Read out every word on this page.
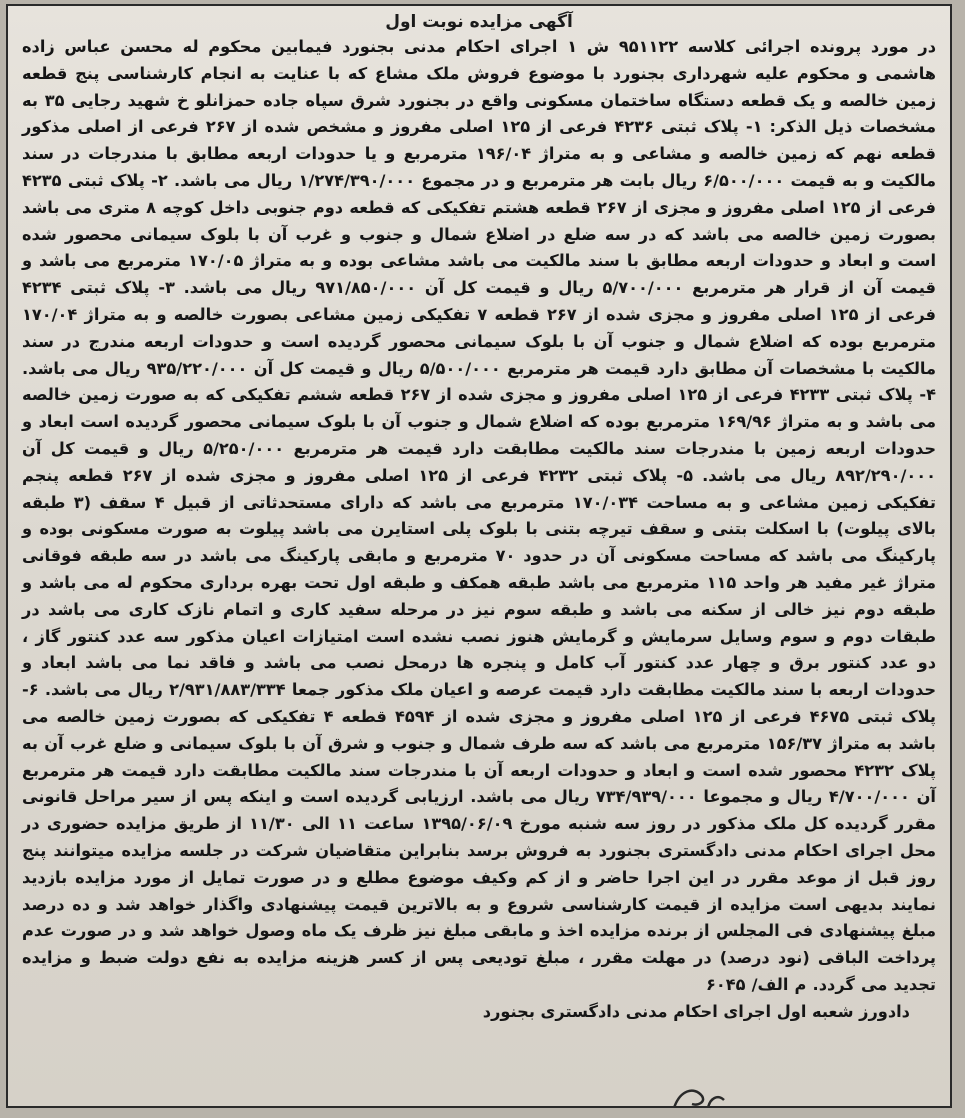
آگهی مزایده نوبت اول

در مورد پرونده اجرائی کلاسه ۹۵۱۱۲۲ ش ۱ اجرای احکام مدنی بجنورد فیمابین محکوم له محسن عباس زاده هاشمی و محکوم علیه شهرداری بجنورد با موضوع فروش ملک مشاع که با عنایت به انجام کارشناسی پنج قطعه زمین خالصه و یک قطعه دستگاه ساختمان مسکونی واقع در بجنورد شرق سپاه جاده حمزانلو خ شهید رجایی ۳۵ به مشخصات ذیل الذکر: ۱- پلاک ثبتی ۴۲۳۶ فرعی از ۱۲۵ اصلی مفروز و مشخص شده از ۲۶۷ فرعی از اصلی مذکور قطعه نهم که زمین خالصه و مشاعی و به متراژ ۱۹۶/۰۴ مترمربع و یا حدودات اربعه مطابق با مندرجات در سند مالکیت و به قیمت ۶/۵۰۰/۰۰۰ ریال بابت هر مترمربع و در مجموع ۱/۲۷۴/۳۹۰/۰۰۰ ریال می باشد. ۲- پلاک ثبتی ۴۲۳۵ فرعی از ۱۲۵ اصلی مفروز و مجزی از ۲۶۷ قطعه هشتم تفکیکی که قطعه دوم جنوبی داخل کوچه ۸ متری می باشد بصورت زمین خالصه می باشد که در سه ضلع در اضلاع شمال و جنوب و غرب آن با بلوک سیمانی محصور شده است و ابعاد و حدودات اربعه مطابق با سند مالکیت می باشد مشاعی بوده و به متراژ ۱۷۰/۰۵ مترمربع می باشد و قیمت آن از قرار هر مترمربع ۵/۷۰۰/۰۰۰ ریال و قیمت کل آن ۹۷۱/۸۵۰/۰۰۰ ریال می باشد. ۳- پلاک ثبتی ۴۲۳۴ فرعی از ۱۲۵ اصلی مفروز و مجزی شده از ۲۶۷ قطعه ۷ تفکیکی زمین مشاعی بصورت خالصه و به متراژ ۱۷۰/۰۴ مترمربع بوده که اضلاع شمال و جنوب آن با بلوک سیمانی محصور گردیده است و حدودات اربعه مندرج در سند مالکیت با مشخصات آن مطابق دارد قیمت هر مترمربع ۵/۵۰۰/۰۰۰ ریال و قیمت کل آن ۹۳۵/۲۲۰/۰۰۰ ریال می باشد. ۴- پلاک ثبتی ۴۲۳۳ فرعی از ۱۲۵ اصلی مفروز و مجزی شده از ۲۶۷ قطعه ششم تفکیکی که به صورت زمین خالصه می باشد و به متراژ ۱۶۹/۹۶ مترمربع بوده که اضلاع شمال و جنوب آن با بلوک سیمانی محصور گردیده است ابعاد و حدودات اربعه زمین با مندرجات سند مالکیت مطابقت دارد قیمت هر مترمربع ۵/۲۵۰/۰۰۰ ریال و قیمت کل آن ۸۹۲/۲۹۰/۰۰۰ ریال می باشد. ۵- پلاک ثبتی ۴۲۳۲ فرعی از ۱۲۵ اصلی مفروز و مجزی شده از ۲۶۷ قطعه پنجم تفکیکی زمین مشاعی و به مساحت ۱۷۰/۰۳۴ مترمربع می باشد که دارای مستحدثاتی از قبیل ۴ سقف (۳ طبقه بالای پیلوت) با اسکلت بتنی و سقف تیرچه بتنی با بلوک پلی استایرن می باشد پیلوت به صورت مسکونی بوده و پارکینگ می باشد که مساحت مسکونی آن در حدود ۷۰ مترمربع و مابقی پارکینگ می باشد در سه طبقه فوقانی متراژ غیر مفید هر واحد ۱۱۵ مترمربع می باشد طبقه همکف و طبقه اول تحت بهره برداری محکوم له می باشد و طبقه دوم نیز خالی از سکنه می باشد و طبقه سوم نیز در مرحله سفید کاری و اتمام نازک کاری می باشد در طبقات دوم و سوم وسایل سرمایش و گرمایش هنوز نصب نشده است امتیازات اعیان مذکور سه عدد کنتور گاز ، دو عدد کنتور برق و چهار عدد کنتور آب کامل و پنجره ها درمحل نصب می باشد و فاقد نما می باشد ابعاد و حدودات اربعه با سند مالکیت مطابقت دارد قیمت عرصه و اعیان ملک مذکور جمعا ۲/۹۳۱/۸۸۳/۳۳۴ ریال می باشد. ۶- پلاک ثبتی ۴۶۷۵ فرعی از ۱۲۵ اصلی مفروز و مجزی شده از ۴۵۹۴ قطعه ۴ تفکیکی که بصورت زمین خالصه می باشد به متراژ ۱۵۶/۳۷ مترمربع می باشد که سه طرف شمال و جنوب و شرق آن با بلوک سیمانی و ضلع غرب آن به پلاک ۴۲۳۲ محصور شده است و ابعاد و حدودات اربعه آن با مندرجات سند مالکیت مطابقت دارد قیمت هر مترمربع آن ۴/۷۰۰/۰۰۰ ریال و مجموعا ۷۳۴/۹۳۹/۰۰۰ ریال می باشد. ارزیابی گردیده است و اینکه پس از سیر مراحل قانونی مقرر گردیده کل ملک مذکور در روز سه شنبه مورخ ۱۳۹۵/۰۶/۰۹ ساعت ۱۱ الی ۱۱/۳۰ از طریق مزایده حضوری در محل اجرای احکام مدنی دادگستری بجنورد به فروش برسد بنابراین متقاضیان شرکت در جلسه مزایده میتوانند پنج روز قبل از موعد مقرر در این اجرا حاضر و از کم وکیف موضوع مطلع و در صورت تمایل از مورد مزایده بازدید نمایند بدیهی است مزایده از قیمت کارشناسی شروع و به بالاترین قیمت پیشنهادی واگذار خواهد شد و ده درصد مبلغ پیشنهادی فی المجلس از برنده مزایده اخذ و مابقی مبلغ نیز ظرف یک ماه وصول خواهد شد و در صورت عدم پرداخت الباقی (نود درصد) در مهلت مقرر ، مبلغ تودیعی پس از کسر هزینه مزایده به نفع دولت ضبط و مزایده تجدید می گردد. م الف/ ۶۰۴۵

دادورز شعبه اول اجرای احکام مدنی دادگستری بجنورد
